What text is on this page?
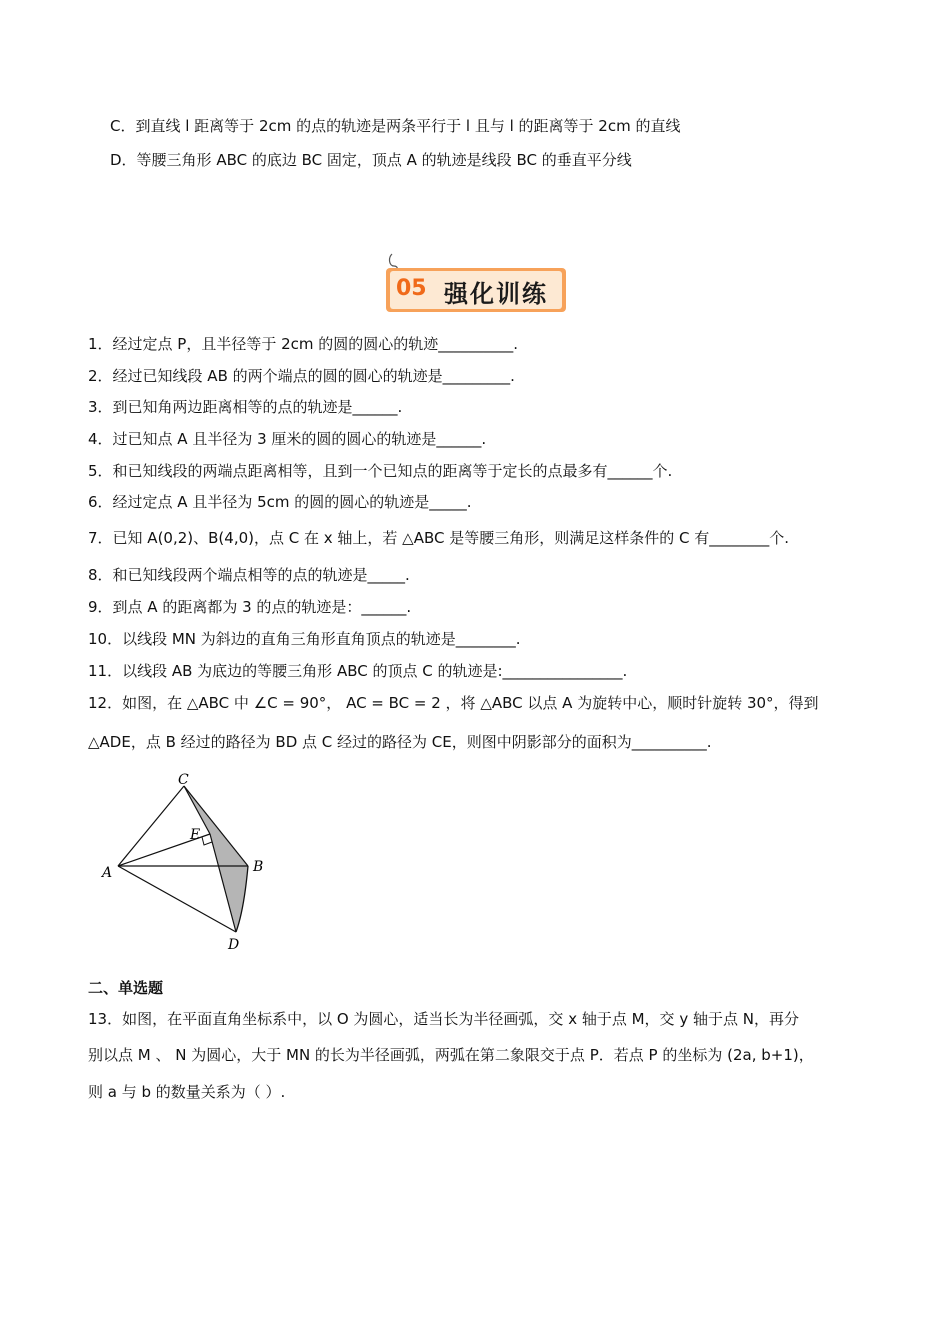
C．到直线 l 距离等于 2cm 的点的轨迹是两条平行于 l 且与 l 的距离等于 2cm 的直线
D．等腰三角形 ABC 的底边 BC 固定，顶点 A 的轨迹是线段 BC 的垂直平分线
05 强化训练
1．经过定点 P，且半径等于 2cm 的圆的圆心的轨迹__________.
2．经过已知线段 AB 的两个端点的圆的圆心的轨迹是_________.
3．到已知角两边距离相等的点的轨迹是______.
4．过已知点 A 且半径为 3 厘米的圆的圆心的轨迹是______.
5．和已知线段的两端点距离相等，且到一个已知点的距离等于定长的点最多有______个.
6．经过定点 A 且半径为 5cm 的圆的圆心的轨迹是_____.
7．已知 A(0,2)、B(4,0)，点 C 在 x 轴上，若 △ABC 是等腰三角形，则满足这样条件的 C 有________个.
8．和已知线段两个端点相等的点的轨迹是_____.
9．到点 A 的距离都为 3 的点的轨迹是：______.
10．以线段 MN 为斜边的直角三角形直角顶点的轨迹是________.
11．以线段 AB 为底边的等腰三角形 ABC 的顶点 C 的轨迹是:________________.
12．如图，在 △ABC 中 ∠C = 90°， AC = BC = 2 ，将 △ABC 以点 A 为旋转中心，顺时针旋转 30°，得到
△ADE，点 B 经过的路径为 BD 点 C 经过的路径为 CE，则图中阴影部分的面积为__________.
C
E
A	B
D
二、单选题
13．如图，在平面直角坐标系中，以 O 为圆心，适当长为半径画弧，交 x 轴于点 M，交 y 轴于点 N，再分
别以点 M 、 N 为圆心，大于 MN 的长为半径画弧，两弧在第二象限交于点 P．若点 P 的坐标为 (2a, b+1)，
则 a 与 b 的数量关系为（ ）.
